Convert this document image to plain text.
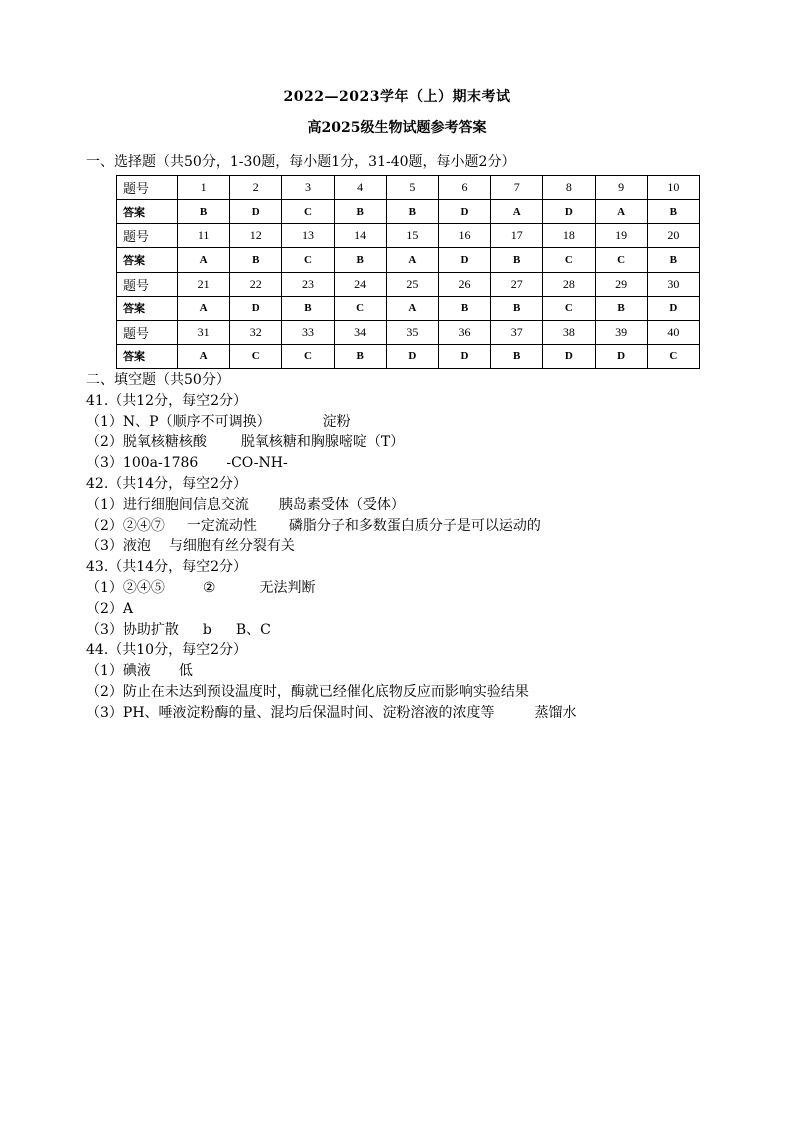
2022—2023学年（上）期末考试
高2025级生物试题参考答案
一、选择题（共50分，1-30题，每小题1分，31-40题，每小题2分）
题号	1	2	3	4	5	6	7	8	9	10
答案	B	D	C	B	B	D	A	D	A	B
题号	11	12	13	14	15	16	17	18	19	20
答案	A	B	C	B	A	D	B	C	C	B
题号	21	22	23	24	25	26	27	28	29	30
答案	A	D	B	C	A	B	B	C	B	D
题号	31	32	33	34	35	36	37	38	39	40
答案	A	C	C	B	D	D	B	D	D	C
二、填空题（共50分）
41.（共12分，每空2分）
（1）N、P（顺序不可调换）	淀粉
（2）脱氧核糖核酸 脱氧核糖和胸腺嘧啶（T）
（3）100a-1786 -CO-NH-
42.（共14分，每空2分）
（1）进行细胞间信息交流 胰岛素受体（受体）
（2）②④⑦ 一定流动性 磷脂分子和多数蛋白质分子是可以运动的
（3）液泡 与细胞有丝分裂有关
43.（共14分，每空2分）
（1）②④⑤	②	无法判断
（2）A
（3）协助扩散 b B、C
44.（共10分，每空2分）
（1）碘液 低
（2）防止在未达到预设温度时，酶就已经催化底物反应而影响实验结果
（3）PH、唾液淀粉酶的量、混均后保温时间、淀粉溶液的浓度等	蒸馏水
